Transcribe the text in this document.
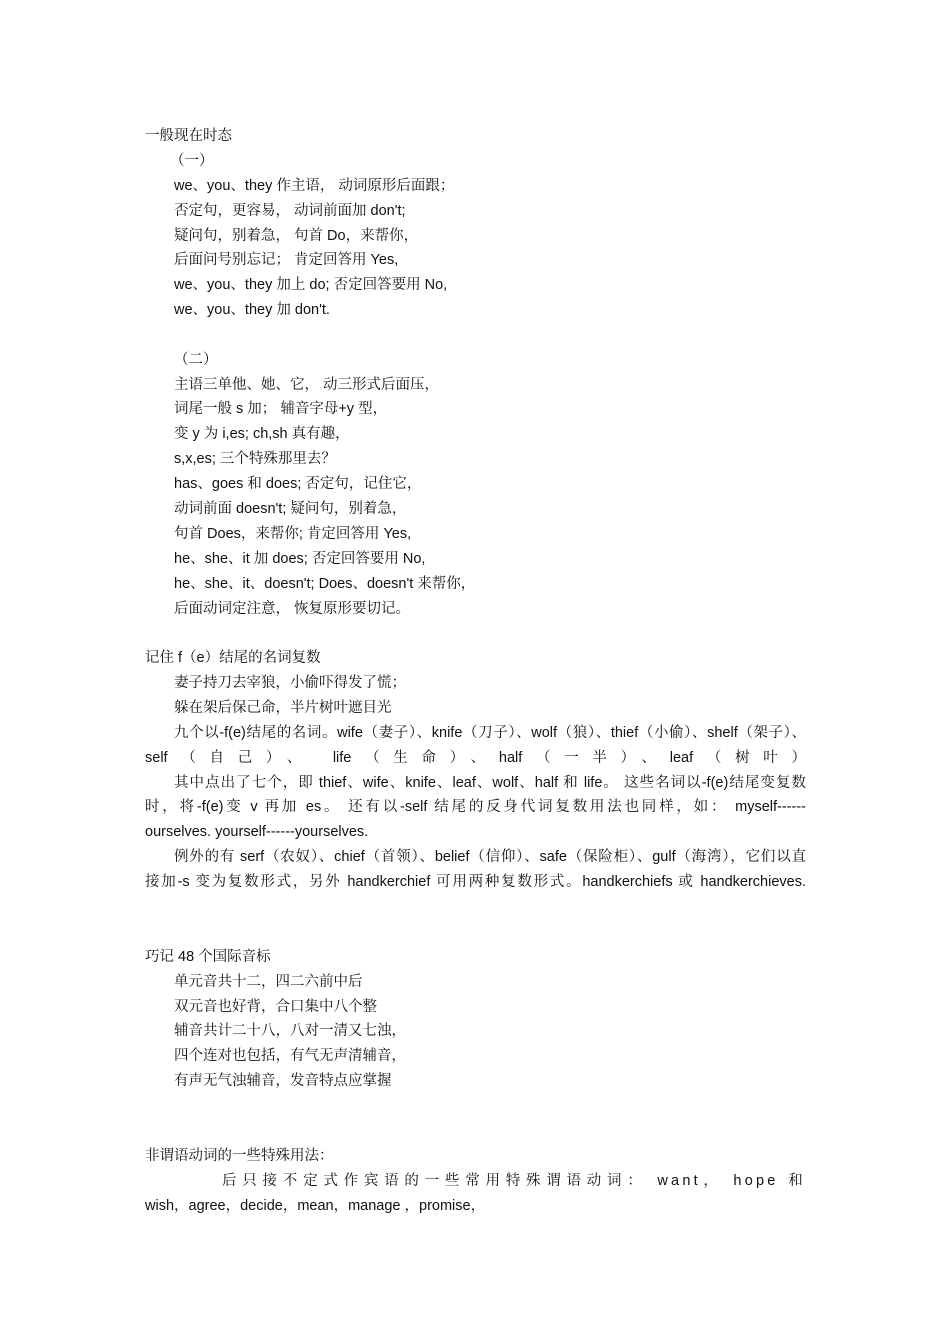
一般现在时态
（一）
we、you、they 作主语， 动词原形后面跟；
否定句，更容易， 动词前面加 don't;
疑问句，别着急， 句首 Do，来帮你，
后面问号别忘记； 肯定回答用 Yes,
we、you、they 加上 do; 否定回答要用 No,
we、you、they 加 don't.
（二）
主语三单他、她、它， 动三形式后面压，
词尾一般 s 加； 辅音字母+y 型，
变 y 为 i,es; ch,sh 真有趣，
s,x,es; 三个特殊那里去？
has、goes 和 does; 否定句，记住它，
动词前面 doesn't; 疑问句，别着急，
句首 Does，来帮你; 肯定回答用 Yes,
he、she、it 加 does; 否定回答要用 No,
he、she、it、doesn't; Does、doesn't 来帮你，
后面动词定注意， 恢复原形要切记。
记住 f（e）结尾的名词复数
妻子持刀去宰狼，小偷吓得发了慌；
躲在架后保己命，半片树叶遮目光
九个以-f(e)结尾的名词。wife（妻子）、knife（刀子）、wolf（狼）、thief（小偷）、shelf（架子）、
self（自己）、 life（生命）、half（一半）、leaf（树叶）
其中点出了七个，即 thief、wife、knife、leaf、wolf、half 和 life。 这些名词以-f(e)结尾变复数
时，将-f(e)变 v 再加 es。 还有以-self 结尾的反身代词复数用法也同样，如： myself------
ourselves. yourself------yourselves.
例外的有 serf（农奴）、chief（首领）、belief（信仰）、safe（保险柜）、gulf（海湾），它们以直
接加-s 变为复数形式，另外 handkerchief 可用两种复数形式。handkerchiefs 或 handkerchieves.
巧记 48 个国际音标
单元音共十二，四二六前中后
双元音也好背，合口集中八个整
辅音共计二十八，八对一清又七浊，
四个连对也包括，有气无声清辅音，
有声无气浊辅音，发音特点应掌握
非谓语动词的一些特殊用法：
后只接不定式作宾语的一些常用特殊谓语动词： want， hope 和
wish，agree，decide，mean，manage ，promise，
